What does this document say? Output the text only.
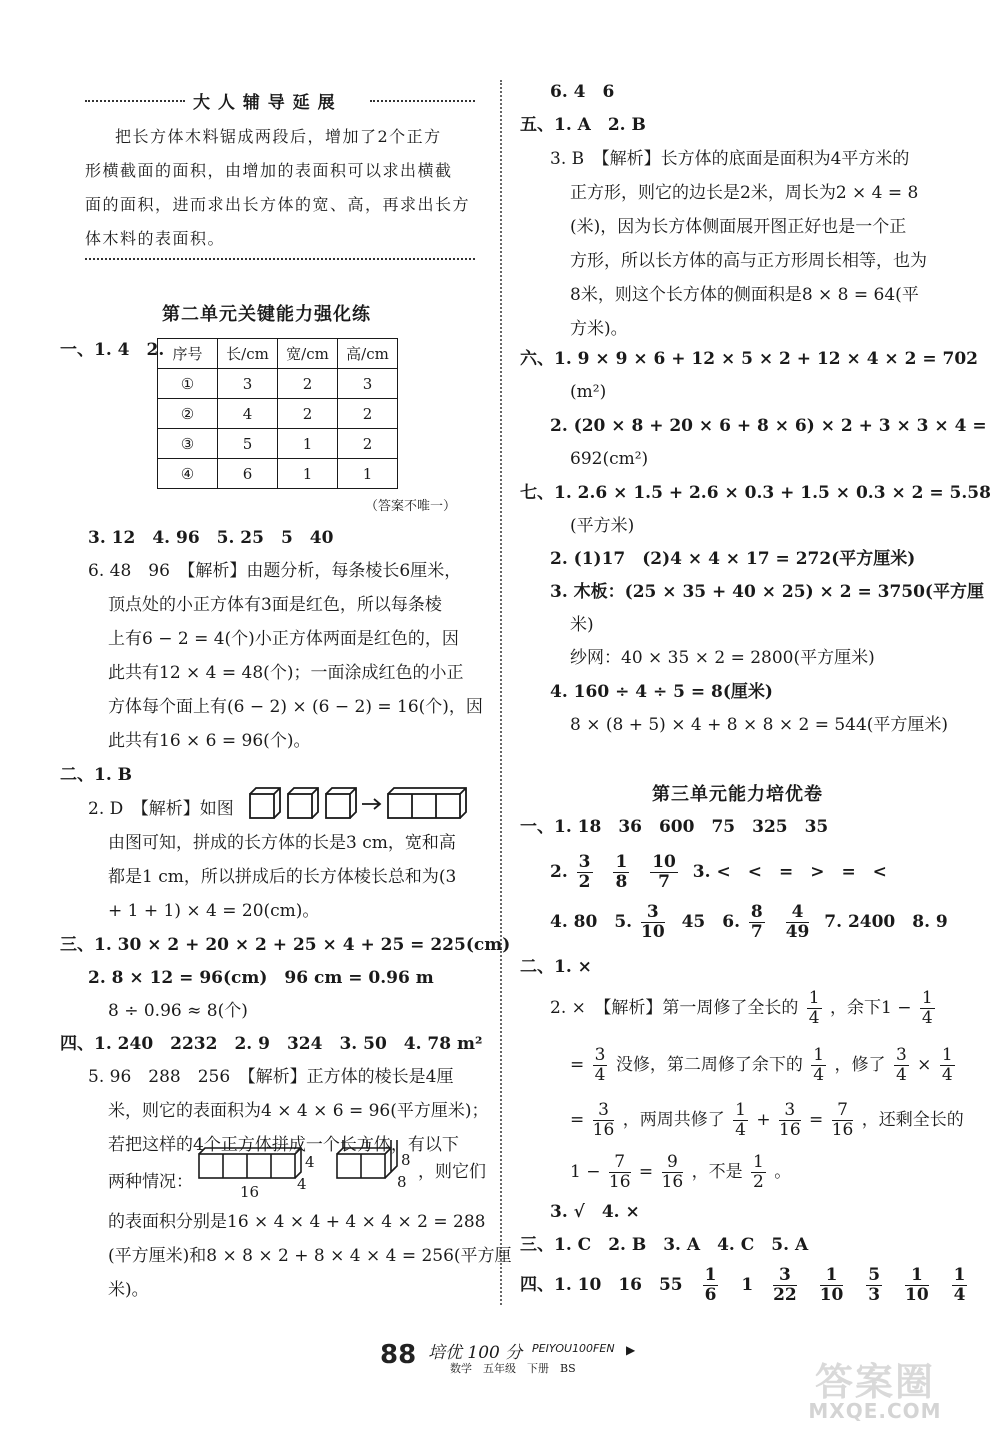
大 人 辅 导 延 展
把长方体木料锯成两段后，增加了2个正方
形横截面的面积，由增加的表面积可以求出横截
面的面积，进而求出长方体的宽、高，再求出长方
体木料的表面积。
第二单元关键能力强化练
一、1. 4　2. 序号	长/cm	宽/cm	高/cm
①	3	2	3
②	4	2	2
③	5	1	2
④	6	1	1
（答案不唯一）
3. 12　4. 96　5. 25　5　40
6. 48　96　【解析】由题分析，每条棱长6厘米，
顶点处的小正方体有3面是红色，所以每条棱
上有6 − 2 = 4(个)小正方体两面是红色的，因
此共有12 × 4 = 48(个)；一面涂成红色的小正
方体每个面上有(6 − 2) × (6 − 2) = 16(个)，因
此共有16 × 6 = 96(个)。
二、1. B
2. D　【解析】如图
由图可知，拼成的长方体的长是3 cm，宽和高
都是1 cm，所以拼成后的长方体棱长总和为(3
+ 1 + 1) × 4 = 20(cm)。
三、1. 30 × 2 + 20 × 2 + 25 × 4 + 25 = 225(cm)
2. 8 × 12 = 96(cm)　96 cm = 0.96 m
8 ÷ 0.96 ≈ 8(个)
四、1. 240　2232　2. 9　324　3. 50　4. 78 m²
5. 96　288　256　【解析】正方体的棱长是4厘
米，则它的表面积为4 × 4 × 6 = 96(平方厘米)；
若把这样的4个正方体拼成一个长方体，有以下
两种情况：	16
4
4
8
8 ，则它们
的表面积分别是16 × 4 × 4 + 4 × 4 × 2 = 288
(平方厘米)和8 × 8 × 2 + 8 × 4 × 4 = 256(平方厘
米)。
6. 4　6
五、1. A　2. B
3. B　【解析】长方体的底面是面积为4平方米的
正方形，则它的边长是2米，周长为2 × 4 = 8
(米)，因为长方体侧面展开图正好也是一个正
方形，所以长方体的高与正方形周长相等，也为
8米，则这个长方体的侧面积是8 × 8 = 64(平
方米)。
六、1. 9 × 9 × 6 + 12 × 5 × 2 + 12 × 4 × 2 = 702
(m²)
2. (20 × 8 + 20 × 6 + 8 × 6) × 2 + 3 × 3 × 4 =
692(cm²)
七、1. 2.6 × 1.5 + 2.6 × 0.3 + 1.5 × 0.3 × 2 = 5.58
(平方米)
2. (1)17　(2)4 × 4 × 17 = 272(平方厘米)
3. 木板：(25 × 35 + 40 × 25) × 2 = 3750(平方厘
米)
纱网：40 × 35 × 2 = 2800(平方厘米)
4. 160 ÷ 4 ÷ 5 = 8(厘米)
8 × (8 + 5) × 4 + 8 × 8 × 2 = 544(平方厘米)
第三单元能力培优卷
一、1. 18　36　600　75　325　35
2. $\frac{3}{2}$
$\frac{1}{8}$
$\frac{10}{7} 3$. <　<　=　>　=　<
4. 80　5. $\frac{3}{10} 45$　6. $\frac{8}{7}$
$\frac{4}{49} 7$. 2400　8. 9
二、1. ×
2. ×　【解析】第一周修了全长的 $\frac{1}{4}$ ，余下$1 - \frac{1}{4}$
= $\frac{3}{4}$ 没修，第二周修了余下的 $\frac{1}{4}$ ，修了 $\frac{3}{4} \times \frac{1}{4}$
= $\frac{3}{16}$ ，两周共修了 $\frac{1}{4} + \frac{3}{16} = \frac{7}{16}$ ，还剩全长的
$1 - \frac{7}{16} = \frac{9}{16}$ ，不是 $\frac{1}{2}$ 。
3. √　4. ×
三、1. C　2. B　3. A　4. C　5. A
四、1. 10　16　$55 \frac{1}{6} 1 \frac{3}{22}$
$\frac{1}{10}$
$\frac{5}{3}$
$\frac{1}{10}$
$\frac{1}{4}$
88 培优 100 分 PEIYOU100FEN
数学　五年级　下册　BS
▶
答案圈
MXQE.COM
